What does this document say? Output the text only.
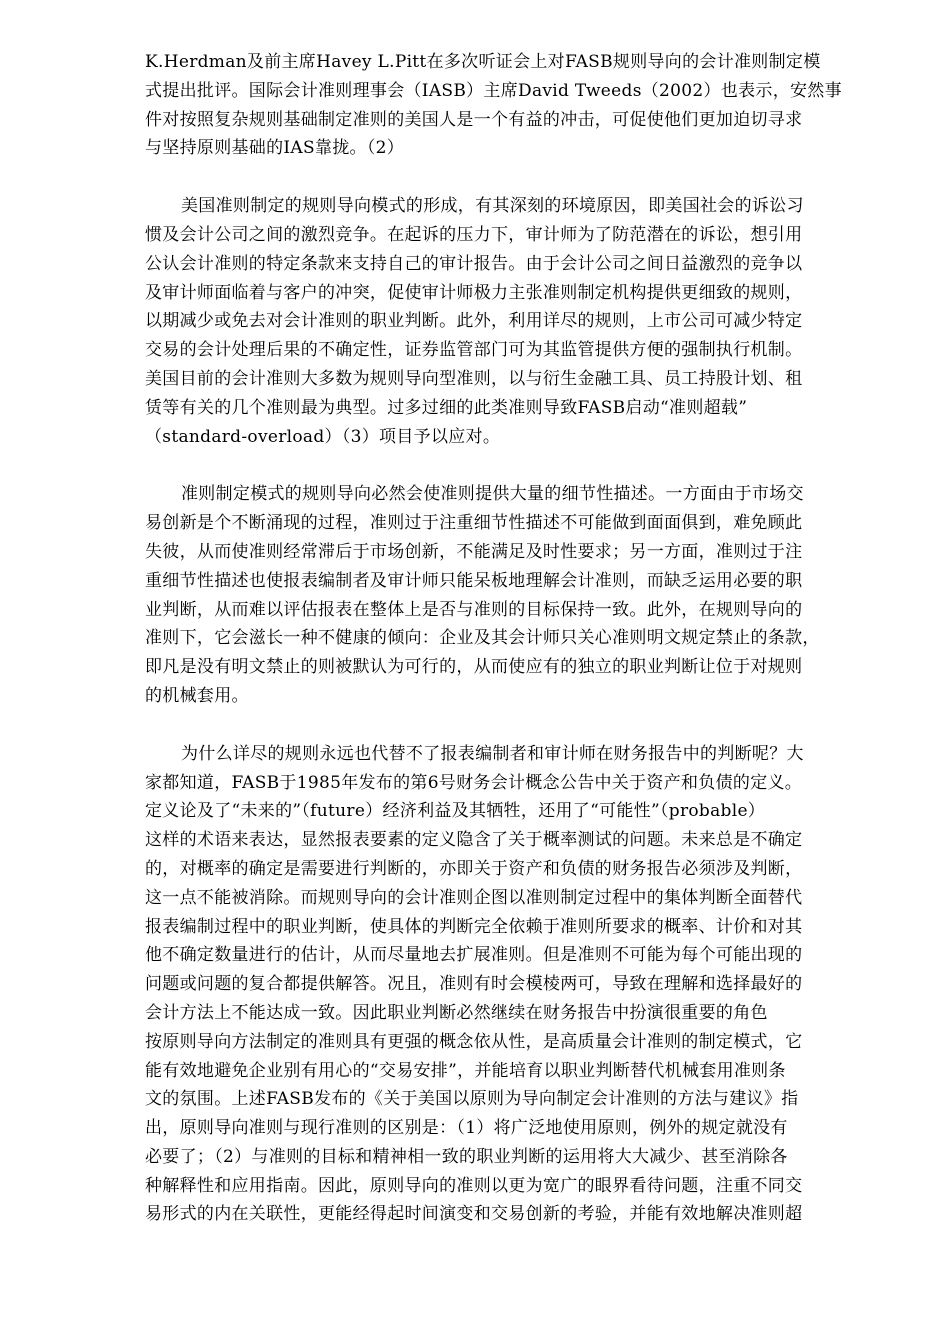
K.Herdman及前主席Havey L.Pitt在多次听证会上对FASB规则导向的会计准则制定模
式提出批评。国际会计准则理事会（IASB）主席David Tweeds（2002）也表示，安然事
件对按照复杂规则基础制定准则的美国人是一个有益的冲击，可促使他们更加迫切寻求
与坚持原则基础的IAS靠拢。（2）
美国准则制定的规则导向模式的形成，有其深刻的环境原因，即美国社会的诉讼习
惯及会计公司之间的激烈竞争。在起诉的压力下，审计师为了防范潜在的诉讼，想引用
公认会计准则的特定条款来支持自己的审计报告。由于会计公司之间日益激烈的竞争以
及审计师面临着与客户的冲突，促使审计师极力主张准则制定机构提供更细致的规则，
以期减少或免去对会计准则的职业判断。此外，利用详尽的规则，上市公司可减少特定
交易的会计处理后果的不确定性，证券监管部门可为其监管提供方便的强制执行机制。
美国目前的会计准则大多数为规则导向型准则，以与衍生金融工具、员工持股计划、租
赁等有关的几个准则最为典型。过多过细的此类准则导致FASB启动“准则超载”
（standard-overload）（3）项目予以应对。
准则制定模式的规则导向必然会使准则提供大量的细节性描述。一方面由于市场交
易创新是个不断涌现的过程，准则过于注重细节性描述不可能做到面面俱到，难免顾此
失彼，从而使准则经常滞后于市场创新，不能满足及时性要求；另一方面，准则过于注
重细节性描述也使报表编制者及审计师只能呆板地理解会计准则，而缺乏运用必要的职
业判断，从而难以评估报表在整体上是否与准则的目标保持一致。此外，在规则导向的
准则下，它会滋长一种不健康的倾向：企业及其会计师只关心准则明文规定禁止的条款，
即凡是没有明文禁止的则被默认为可行的，从而使应有的独立的职业判断让位于对规则
的机械套用。
为什么详尽的规则永远也代替不了报表编制者和审计师在财务报告中的判断呢？大
家都知道，FASB于1985年发布的第6号财务会计概念公告中关于资产和负债的定义。
定义论及了“未来的”（future）经济利益及其牺牲，还用了“可能性”（probable）
这样的术语来表达，显然报表要素的定义隐含了关于概率测试的问题。未来总是不确定
的，对概率的确定是需要进行判断的，亦即关于资产和负债的财务报告必须涉及判断，
这一点不能被消除。而规则导向的会计准则企图以准则制定过程中的集体判断全面替代
报表编制过程中的职业判断，使具体的判断完全依赖于准则所要求的概率、计价和对其
他不确定数量进行的估计，从而尽量地去扩展准则。但是准则不可能为每个可能出现的
问题或问题的复合都提供解答。况且，准则有时会模棱两可，导致在理解和选择最好的
会计方法上不能达成一致。因此职业判断必然继续在财务报告中扮演很重要的角色
按原则导向方法制定的准则具有更强的概念依从性，是高质量会计准则的制定模式，它
能有效地避免企业别有用心的“交易安排”，并能培育以职业判断替代机械套用准则条
文的氛围。上述FASB发布的《关于美国以原则为导向制定会计准则的方法与建议》指
出，原则导向准则与现行准则的区别是：（1）将广泛地使用原则，例外的规定就没有
必要了；（2）与准则的目标和精神相一致的职业判断的运用将大大减少、甚至消除各
种解释性和应用指南。因此，原则导向的准则以更为宽广的眼界看待问题，注重不同交
易形式的内在关联性，更能经得起时间演变和交易创新的考验，并能有效地解决准则超
